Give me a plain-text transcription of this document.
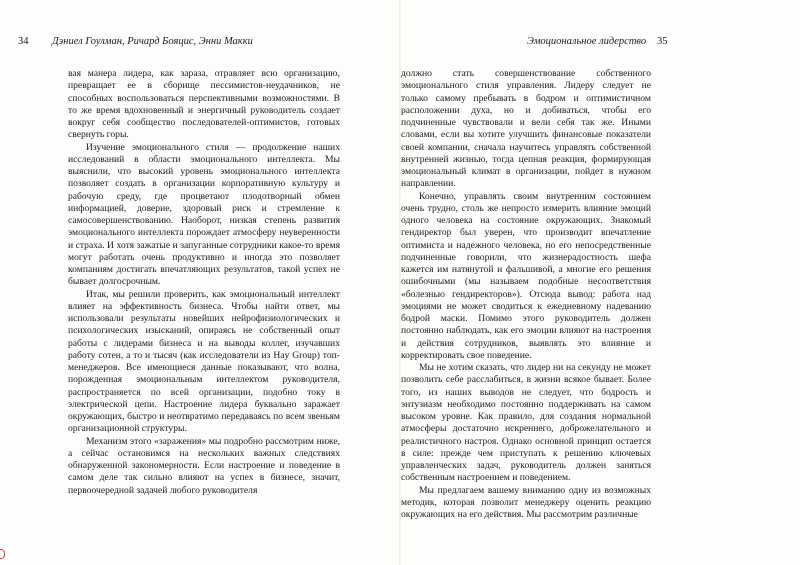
34 Дэниел Гоулман, Ричард Бояцис, Энни Макки

вая манера лидера, как зараза, отравляет всю организацию, превращает ее в сборище пессимистов-неудачников, не способных воспользоваться перспективными возможностями. В то же время вдохновенный и энергичный руководитель создает вокруг себя сообщество последователей-оптимистов, готовых свернуть горы.

Изучение эмоционального стиля — продолжение наших исследований в области эмоционального интеллекта. Мы выяснили, что высокий уровень эмоционального интеллекта позволяет создать в организации корпоративную культуру и рабочую среду, где процветают плодотворный обмен информацией, доверие, здоровый риск и стремление к самосовершенствованию. Наоборот, низкая степень развития эмоционального интеллекта порождает атмосферу неуверенности и страха. И хотя зажатые и запуганные сотрудники какое-то время могут работать очень продуктивно и иногда это позволяет компаниям достигать впечатляющих результатов, такой успех не бывает долгосрочным.

Итак, мы решили проверить, как эмоциональный интеллект влияет на эффективность бизнеса. Чтобы найти ответ, мы использовали результаты новейших нейрофизиологических и психологических изысканий, опираясь не собственный опыт работы с лидерами бизнеса и на выводы коллег, изучавших работу сотен, а то и тысяч (как исследователи из Hay Group) топ-менеджеров. Все имеющиеся данные показывают, что волна, порожденная эмоциональным интеллектом руководителя, распространяется по всей организации, подобно току в электрической цепи. Настроение лидера буквально заражает окружающих, быстро и неотвратимо передаваясь по всем звеньям организационной структуры.

Механизм этого «заражения» мы подробно рассмотрим ниже, а сейчас остановимся на нескольких важных следствиях обнаруженной закономерности. Если настроение и поведение в самом деле так сильно влияют на успех в бизнесе, значит, первоочередной задачей любого руководителя

Эмоциональное лидерство 35

должно стать совершенствование собственного эмоционального стиля управления. Лидеру следует не только самому пребывать в бодром и оптимистичном расположении духа, но и добиваться, чтобы его подчиненные чувствовали и вели себя так же. Иными словами, если вы хотите улучшить финансовые показатели своей компании, сначала научитесь управлять собственной внутренней жизнью, тогда цепная реакция, формирующая эмоциональный климат в организации, пойдет в нужном направлении.

Конечно, управлять своим внутренним состоянием очень трудно, столь же непросто измерить влияние эмоций одного человека на состояние окружающих. Знакомый гендиректор был уверен, что производит впечатление оптимиста и надежного человека, но его непосредственные подчиненные говорили, что жизнерадостность шефа кажется им натянутой и фальшивой, а многие его решения ошибочными (мы называем подобные несоответствия «болезнью гендиректоров»). Отсюда вывод: работа над эмоциями не может сводиться к ежедневному надеванию бодрой маски. Помимо этого руководитель должен постоянно наблюдать, как его эмоции влияют на настроения и действия сотрудников, выявлять это влияние и корректировать свое поведение.

Мы не хотим сказать, что лидер ни на секунду не может позволить себе расслабиться, в жизни всякое бывает. Более того, из наших выводов не следует, что бодрость и энтузиазм необходимо постоянно поддерживать на самом высоком уровне. Как правило, для создания нормальной атмосферы достаточно искреннего, доброжелательного и реалистичного настроя. Однако основной принцип остается в силе: прежде чем приступать к решению ключевых управленческих задач, руководитель должен заняться собственным настроением и поведением.

Мы предлагаем вашему вниманию одну из возможных методик, которая позволит менеджеру оценить реакцию окружающих на его действия. Мы рассмотрим различные
